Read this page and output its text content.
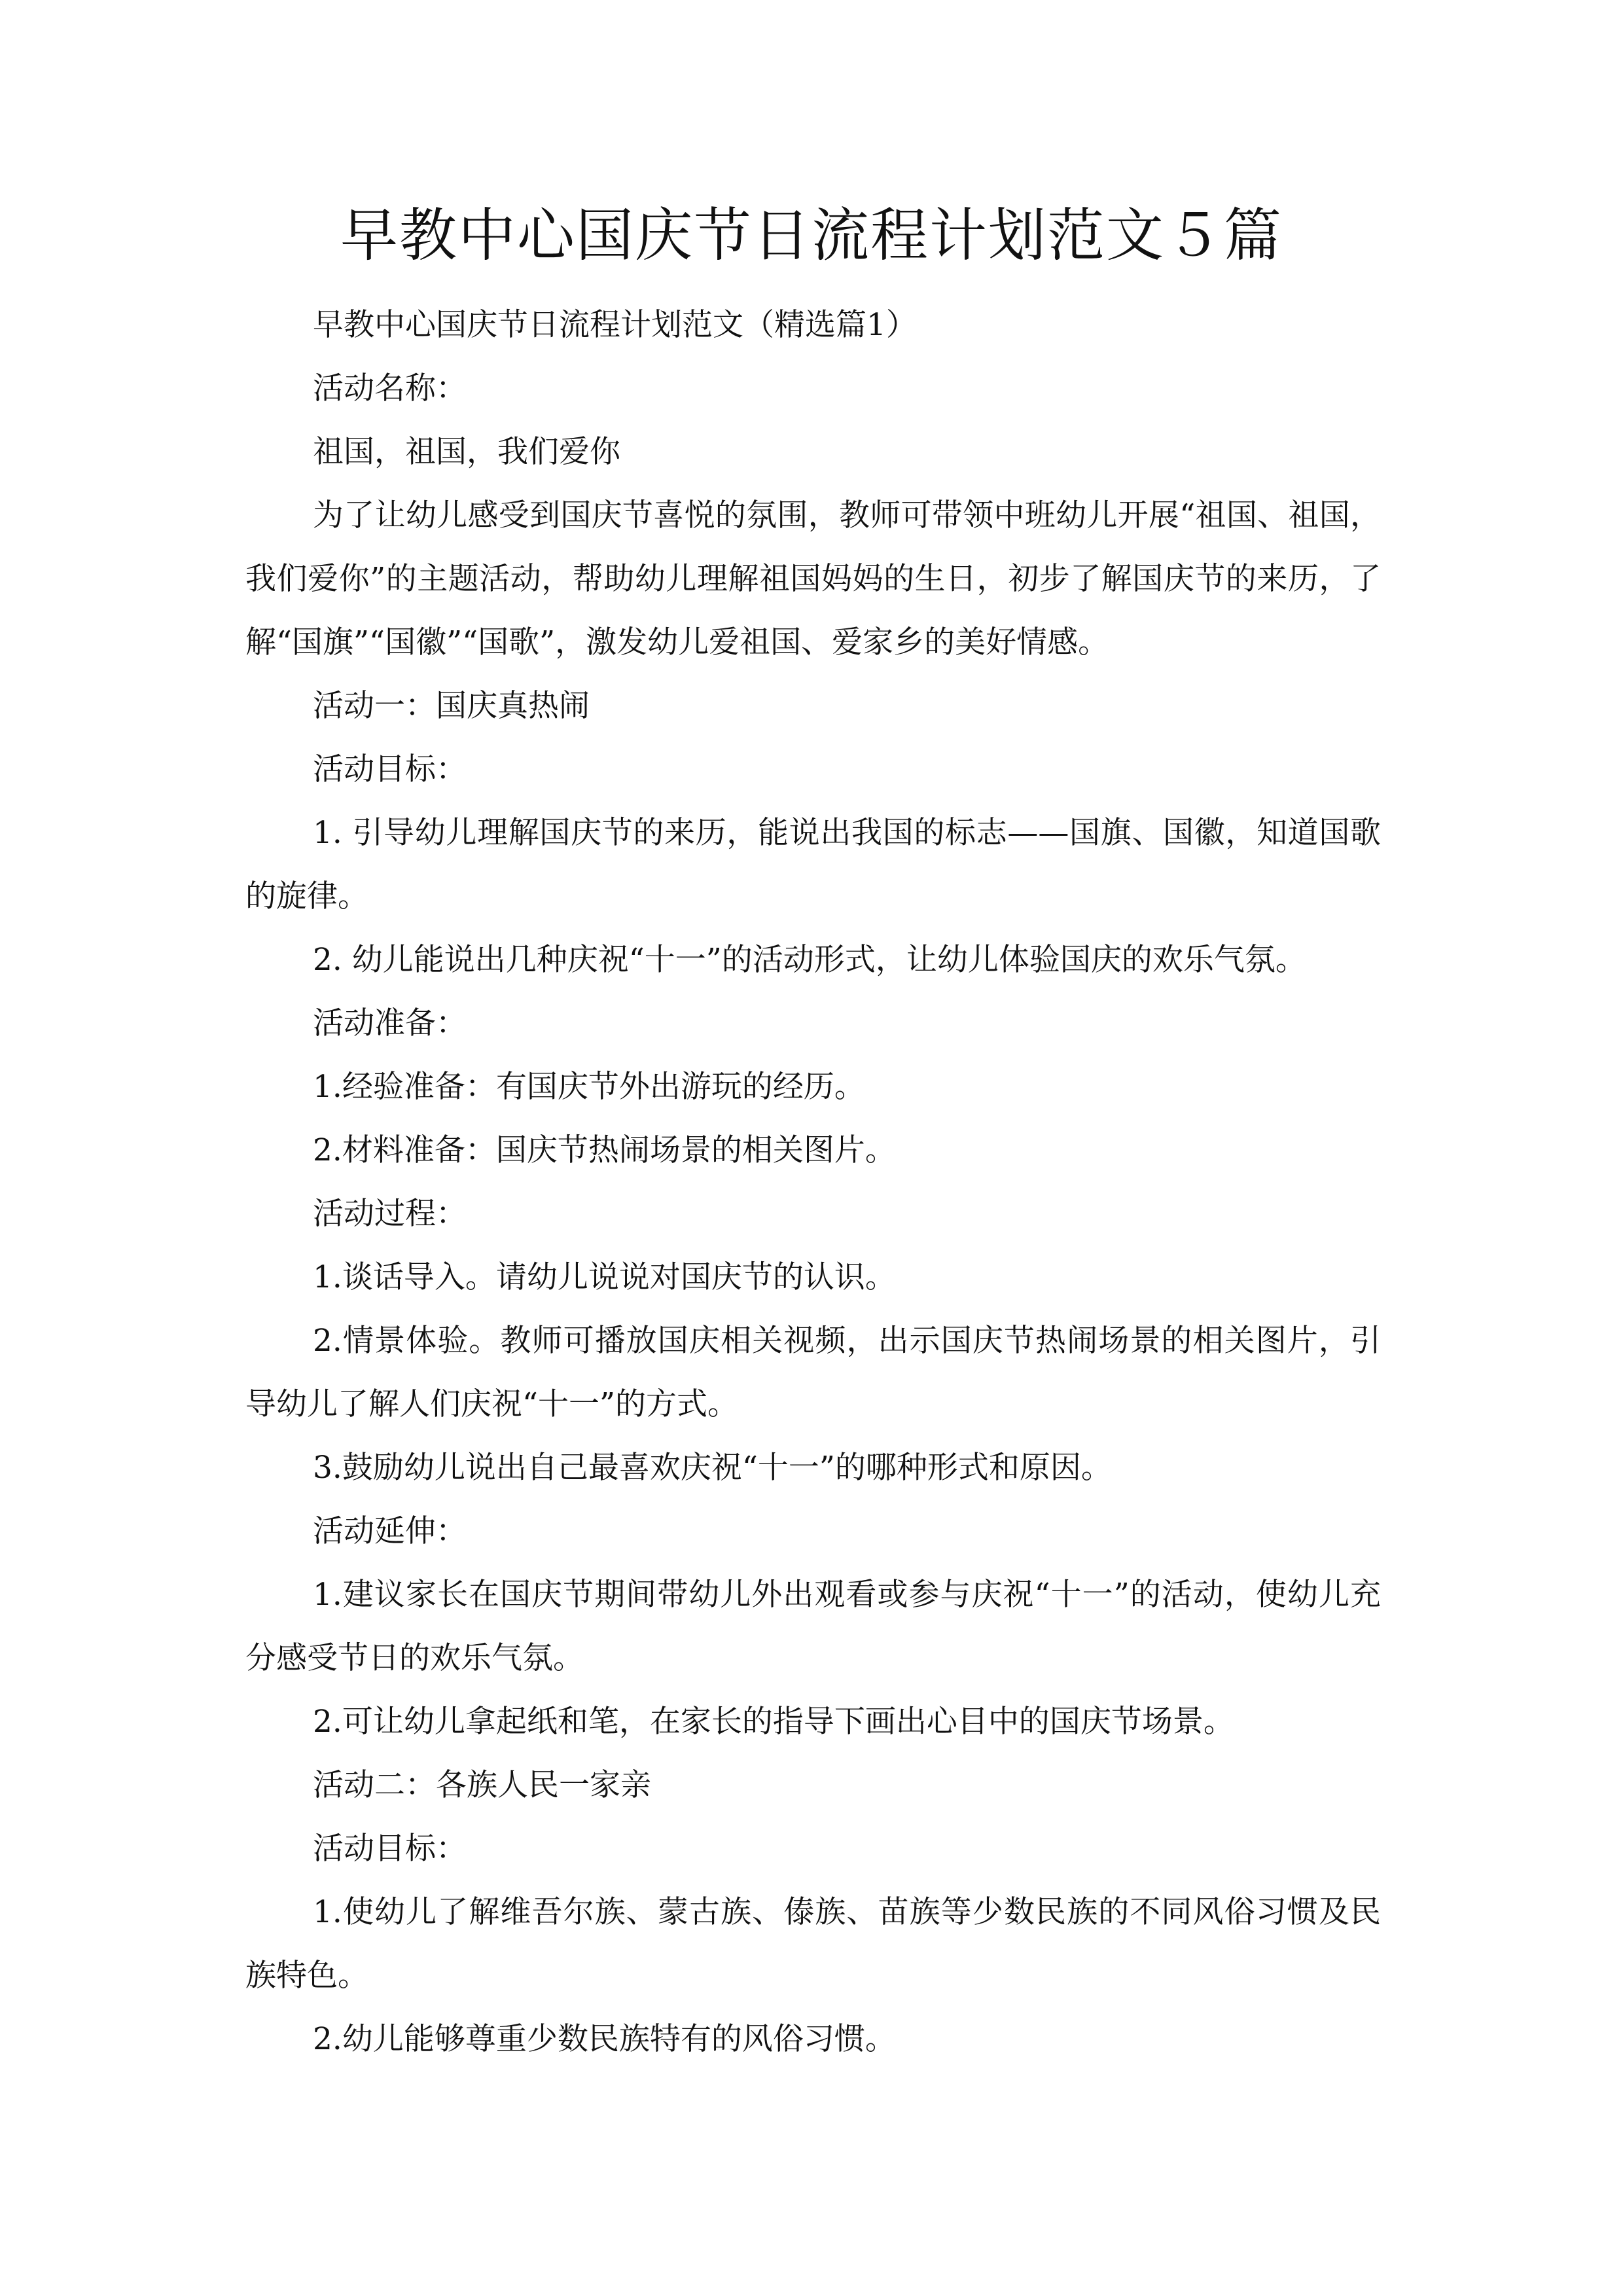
早教中心国庆节日流程计划范文５篇

早教中心国庆节日流程计划范文（精选篇1）

活动名称：

祖国，祖国，我们爱你

为了让幼儿感受到国庆节喜悦的氛围，教师可带领中班幼儿开展“祖国、祖国，我们爱你”的主题活动，帮助幼儿理解祖国妈妈的生日，初步了解国庆节的来历，了解“国旗”“国徽”“国歌”，激发幼儿爱祖国、爱家乡的美好情感。

活动一：国庆真热闹

活动目标：

1. 引导幼儿理解国庆节的来历，能说出我国的标志——国旗、国徽，知道国歌的旋律。

2. 幼儿能说出几种庆祝“十一”的活动形式，让幼儿体验国庆的欢乐气氛。

活动准备：

1.经验准备：有国庆节外出游玩的经历。

2.材料准备：国庆节热闹场景的相关图片。

活动过程：

1.谈话导入。请幼儿说说对国庆节的认识。

2.情景体验。教师可播放国庆相关视频，出示国庆节热闹场景的相关图片，引导幼儿了解人们庆祝“十一”的方式。

3.鼓励幼儿说出自己最喜欢庆祝“十一”的哪种形式和原因。

活动延伸：

1.建议家长在国庆节期间带幼儿外出观看或参与庆祝“十一”的活动，使幼儿充分感受节日的欢乐气氛。

2.可让幼儿拿起纸和笔，在家长的指导下画出心目中的国庆节场景。

活动二：各族人民一家亲

活动目标：

1.使幼儿了解维吾尔族、蒙古族、傣族、苗族等少数民族的不同风俗习惯及民族特色。

2.幼儿能够尊重少数民族特有的风俗习惯。
